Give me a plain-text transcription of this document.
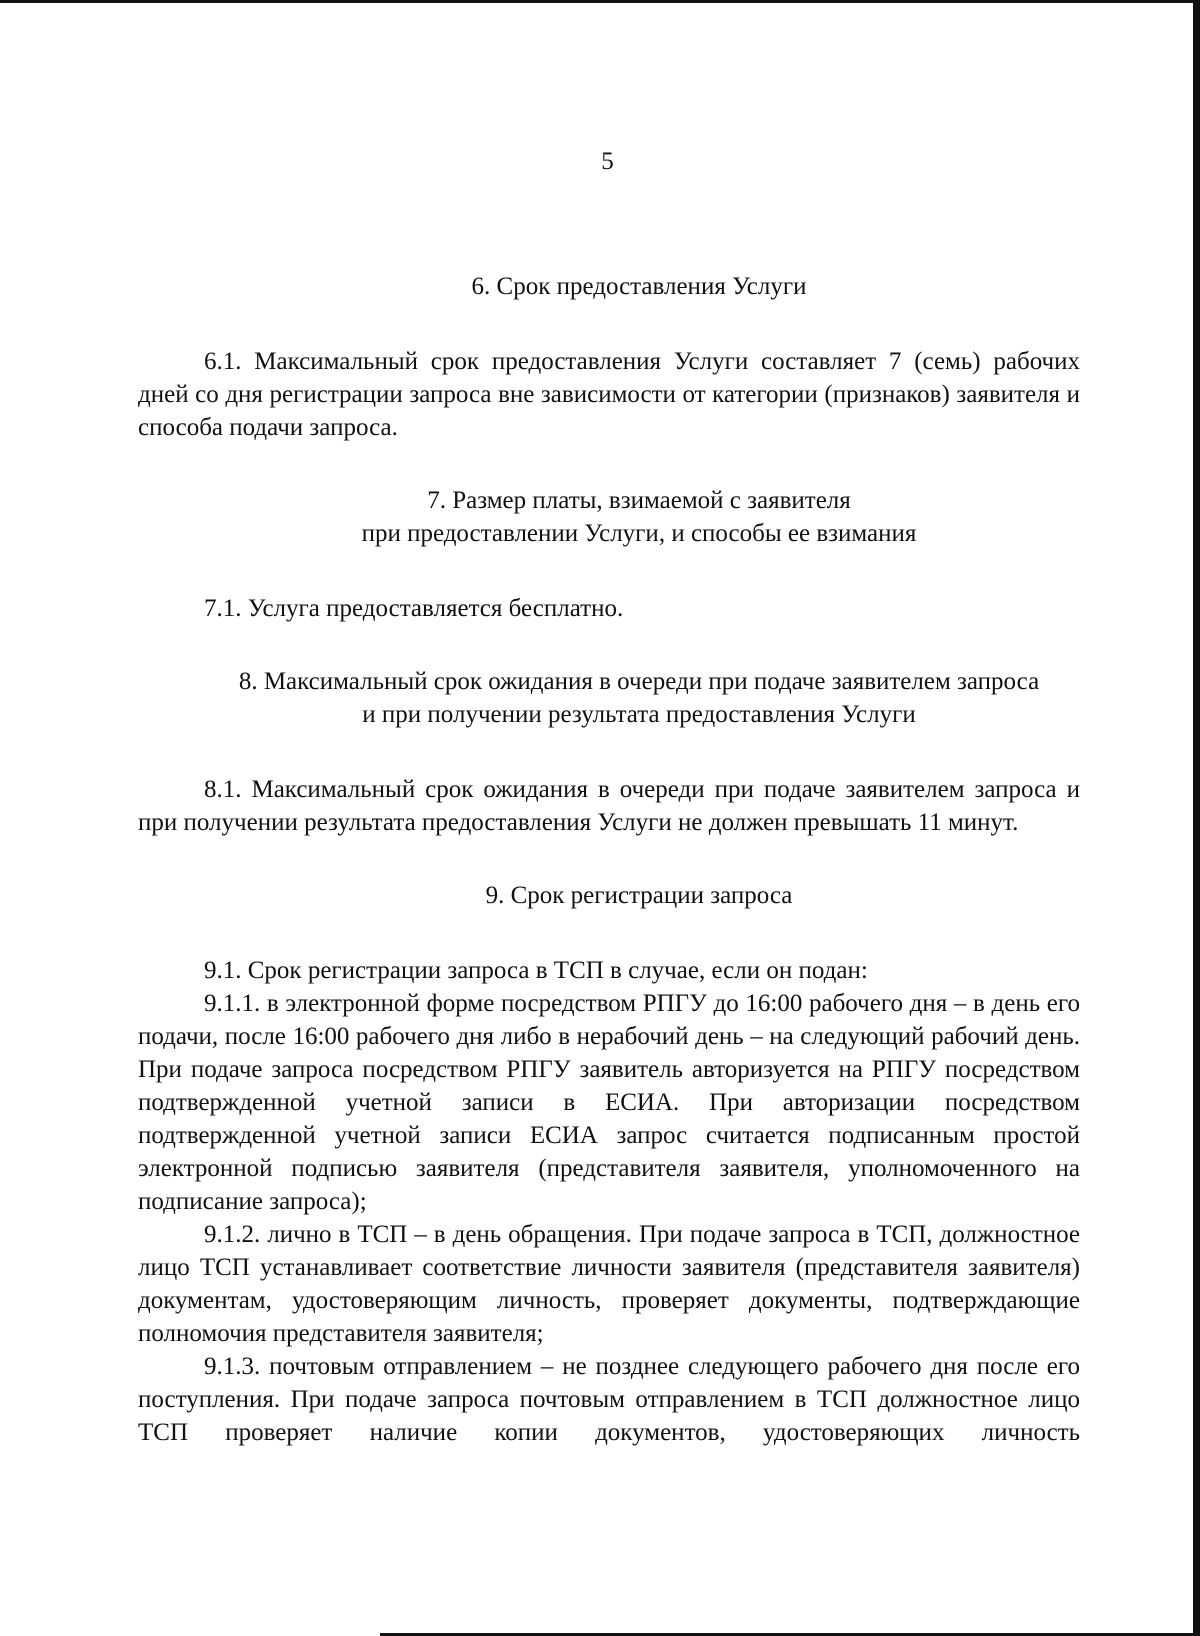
5

6. Срок предоставления Услуги

6.1. Максимальный срок предоставления Услуги составляет 7 (семь) рабочих дней со дня регистрации запроса вне зависимости от категории (признаков) заявителя и способа подачи запроса.

7. Размер платы, взимаемой с заявителя

при предоставлении Услуги, и способы ее взимания

7.1. Услуга предоставляется бесплатно.

8. Максимальный срок ожидания в очереди при подаче заявителем запроса

и при получении результата предоставления Услуги

8.1. Максимальный срок ожидания в очереди при подаче заявителем запроса и при получении результата предоставления Услуги не должен превышать 11 минут.

9. Срок регистрации запроса

9.1. Срок регистрации запроса в ТСП в случае, если он подан:

9.1.1. в электронной форме посредством РПГУ до 16:00 рабочего дня – в день его подачи, после 16:00 рабочего дня либо в нерабочий день – на следующий рабочий день. При подаче запроса посредством РПГУ заявитель авторизуется на РПГУ посредством подтвержденной учетной записи в ЕСИА. При авторизации посредством подтвержденной учетной записи ЕСИА запрос считается подписанным простой электронной подписью заявителя (представителя заявителя, уполномоченного на подписание запроса);

9.1.2. лично в ТСП – в день обращения. При подаче запроса в ТСП, должностное лицо ТСП устанавливает соответствие личности заявителя (представителя заявителя) документам, удостоверяющим личность, проверяет документы, подтверждающие полномочия представителя заявителя;

9.1.3. почтовым отправлением – не позднее следующего рабочего дня после его поступления. При подаче запроса почтовым отправлением в ТСП должностное лицо ТСП проверяет наличие копии документов, удостоверяющих личность
